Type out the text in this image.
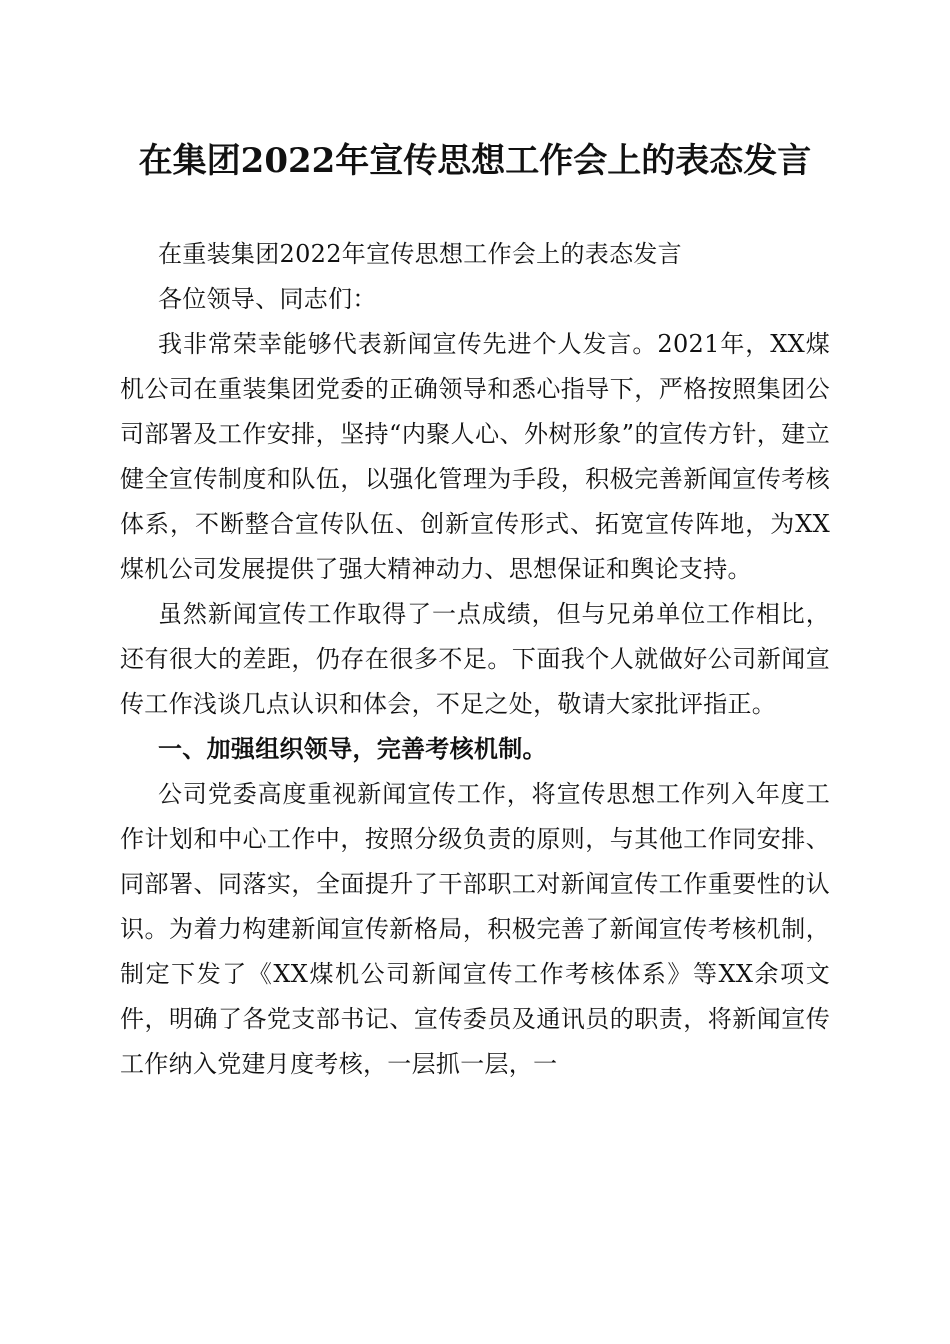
在集团2022年宣传思想工作会上的表态发言

在重装集团2022年宣传思想工作会上的表态发言

各位领导、同志们：

我非常荣幸能够代表新闻宣传先进个人发言。2021年，XX煤机公司在重装集团党委的正确领导和悉心指导下，严格按照集团公司部署及工作安排，坚持“内聚人心、外树形象”的宣传方针，建立健全宣传制度和队伍，以强化管理为手段，积极完善新闻宣传考核体系，不断整合宣传队伍、创新宣传形式、拓宽宣传阵地，为XX煤机公司发展提供了强大精神动力、思想保证和舆论支持。

虽然新闻宣传工作取得了一点成绩，但与兄弟单位工作相比，还有很大的差距，仍存在很多不足。下面我个人就做好公司新闻宣传工作浅谈几点认识和体会，不足之处，敬请大家批评指正。

一、加强组织领导，完善考核机制。

公司党委高度重视新闻宣传工作，将宣传思想工作列入年度工作计划和中心工作中，按照分级负责的原则，与其他工作同安排、同部署、同落实，全面提升了干部职工对新闻宣传工作重要性的认识。为着力构建新闻宣传新格局，积极完善了新闻宣传考核机制，制定下发了《XX煤机公司新闻宣传工作考核体系》等XX余项文件，明确了各党支部书记、宣传委员及通讯员的职责，将新闻宣传工作纳入党建月度考核，一层抓一层，一
